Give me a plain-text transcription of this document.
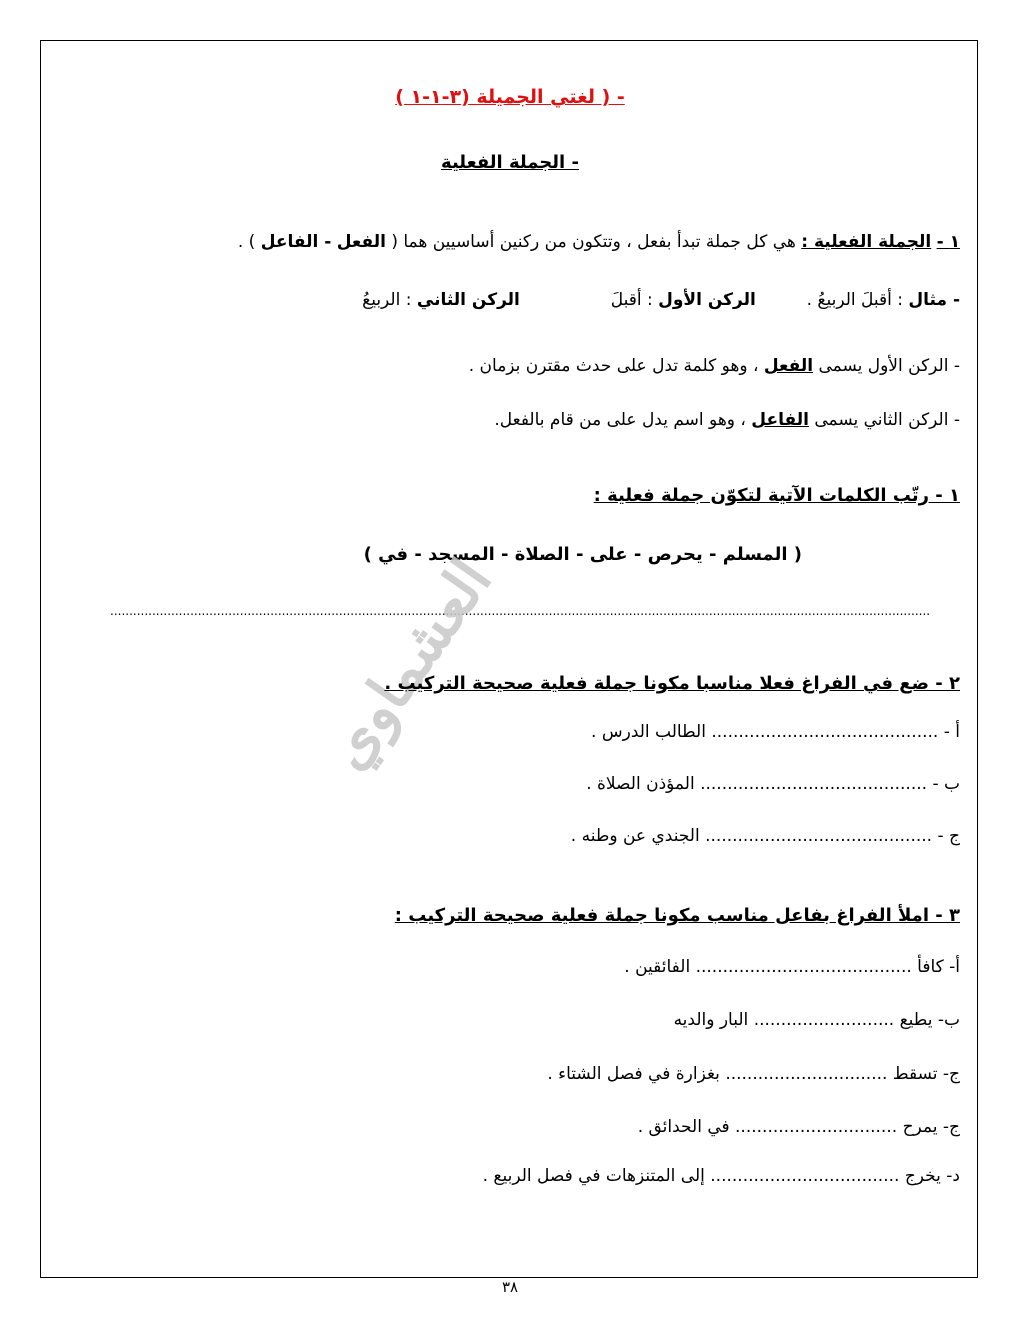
- ( لغتي الجميلة (٣-١-١ )
- الجملة الفعلية
١ - الجملة الفعلية : هي كل جملة تبدأ بفعل ، وتتكون من ركنين أساسيين هما ( الفعل - الفاعل ) .
- مثال : أقبلَ الربيعُ .  الركن الأول : أقبلَ  الركن الثاني : الربيعُ
- الركن الأول يسمى الفعل ، وهو كلمة تدل على حدث مقترن بزمان .
- الركن الثاني يسمى الفاعل ، وهو اسم يدل على من قام بالفعل.
١ - رتّب الكلمات الآتية لتكوّن جملة فعلية :
( المسلم - يحرص - على - الصلاة - المسجد - في )
.......................................................................................................................................................................................................................
العشماوي
٢ - ضع في الفراغ فعلا مناسبا مكونا جملة فعلية صحيحة التركيب .
أ - .......................................... الطالب الدرس .
ب - .......................................... المؤذن الصلاة .
ج - .......................................... الجندي عن وطنه .
٣ - املأ الفراغ بفاعل مناسب مكونا جملة فعلية صحيحة التركيب :
أ- كافأ ........................................ الفائقين .
ب- يطيع .......................... البار والديه
ج- تسقط .............................. بغزارة في فصل الشتاء .
ج- يمرح .............................. في الحدائق .
د- يخرج ................................... إلى المتنزهات في فصل الربيع .
٣٨
